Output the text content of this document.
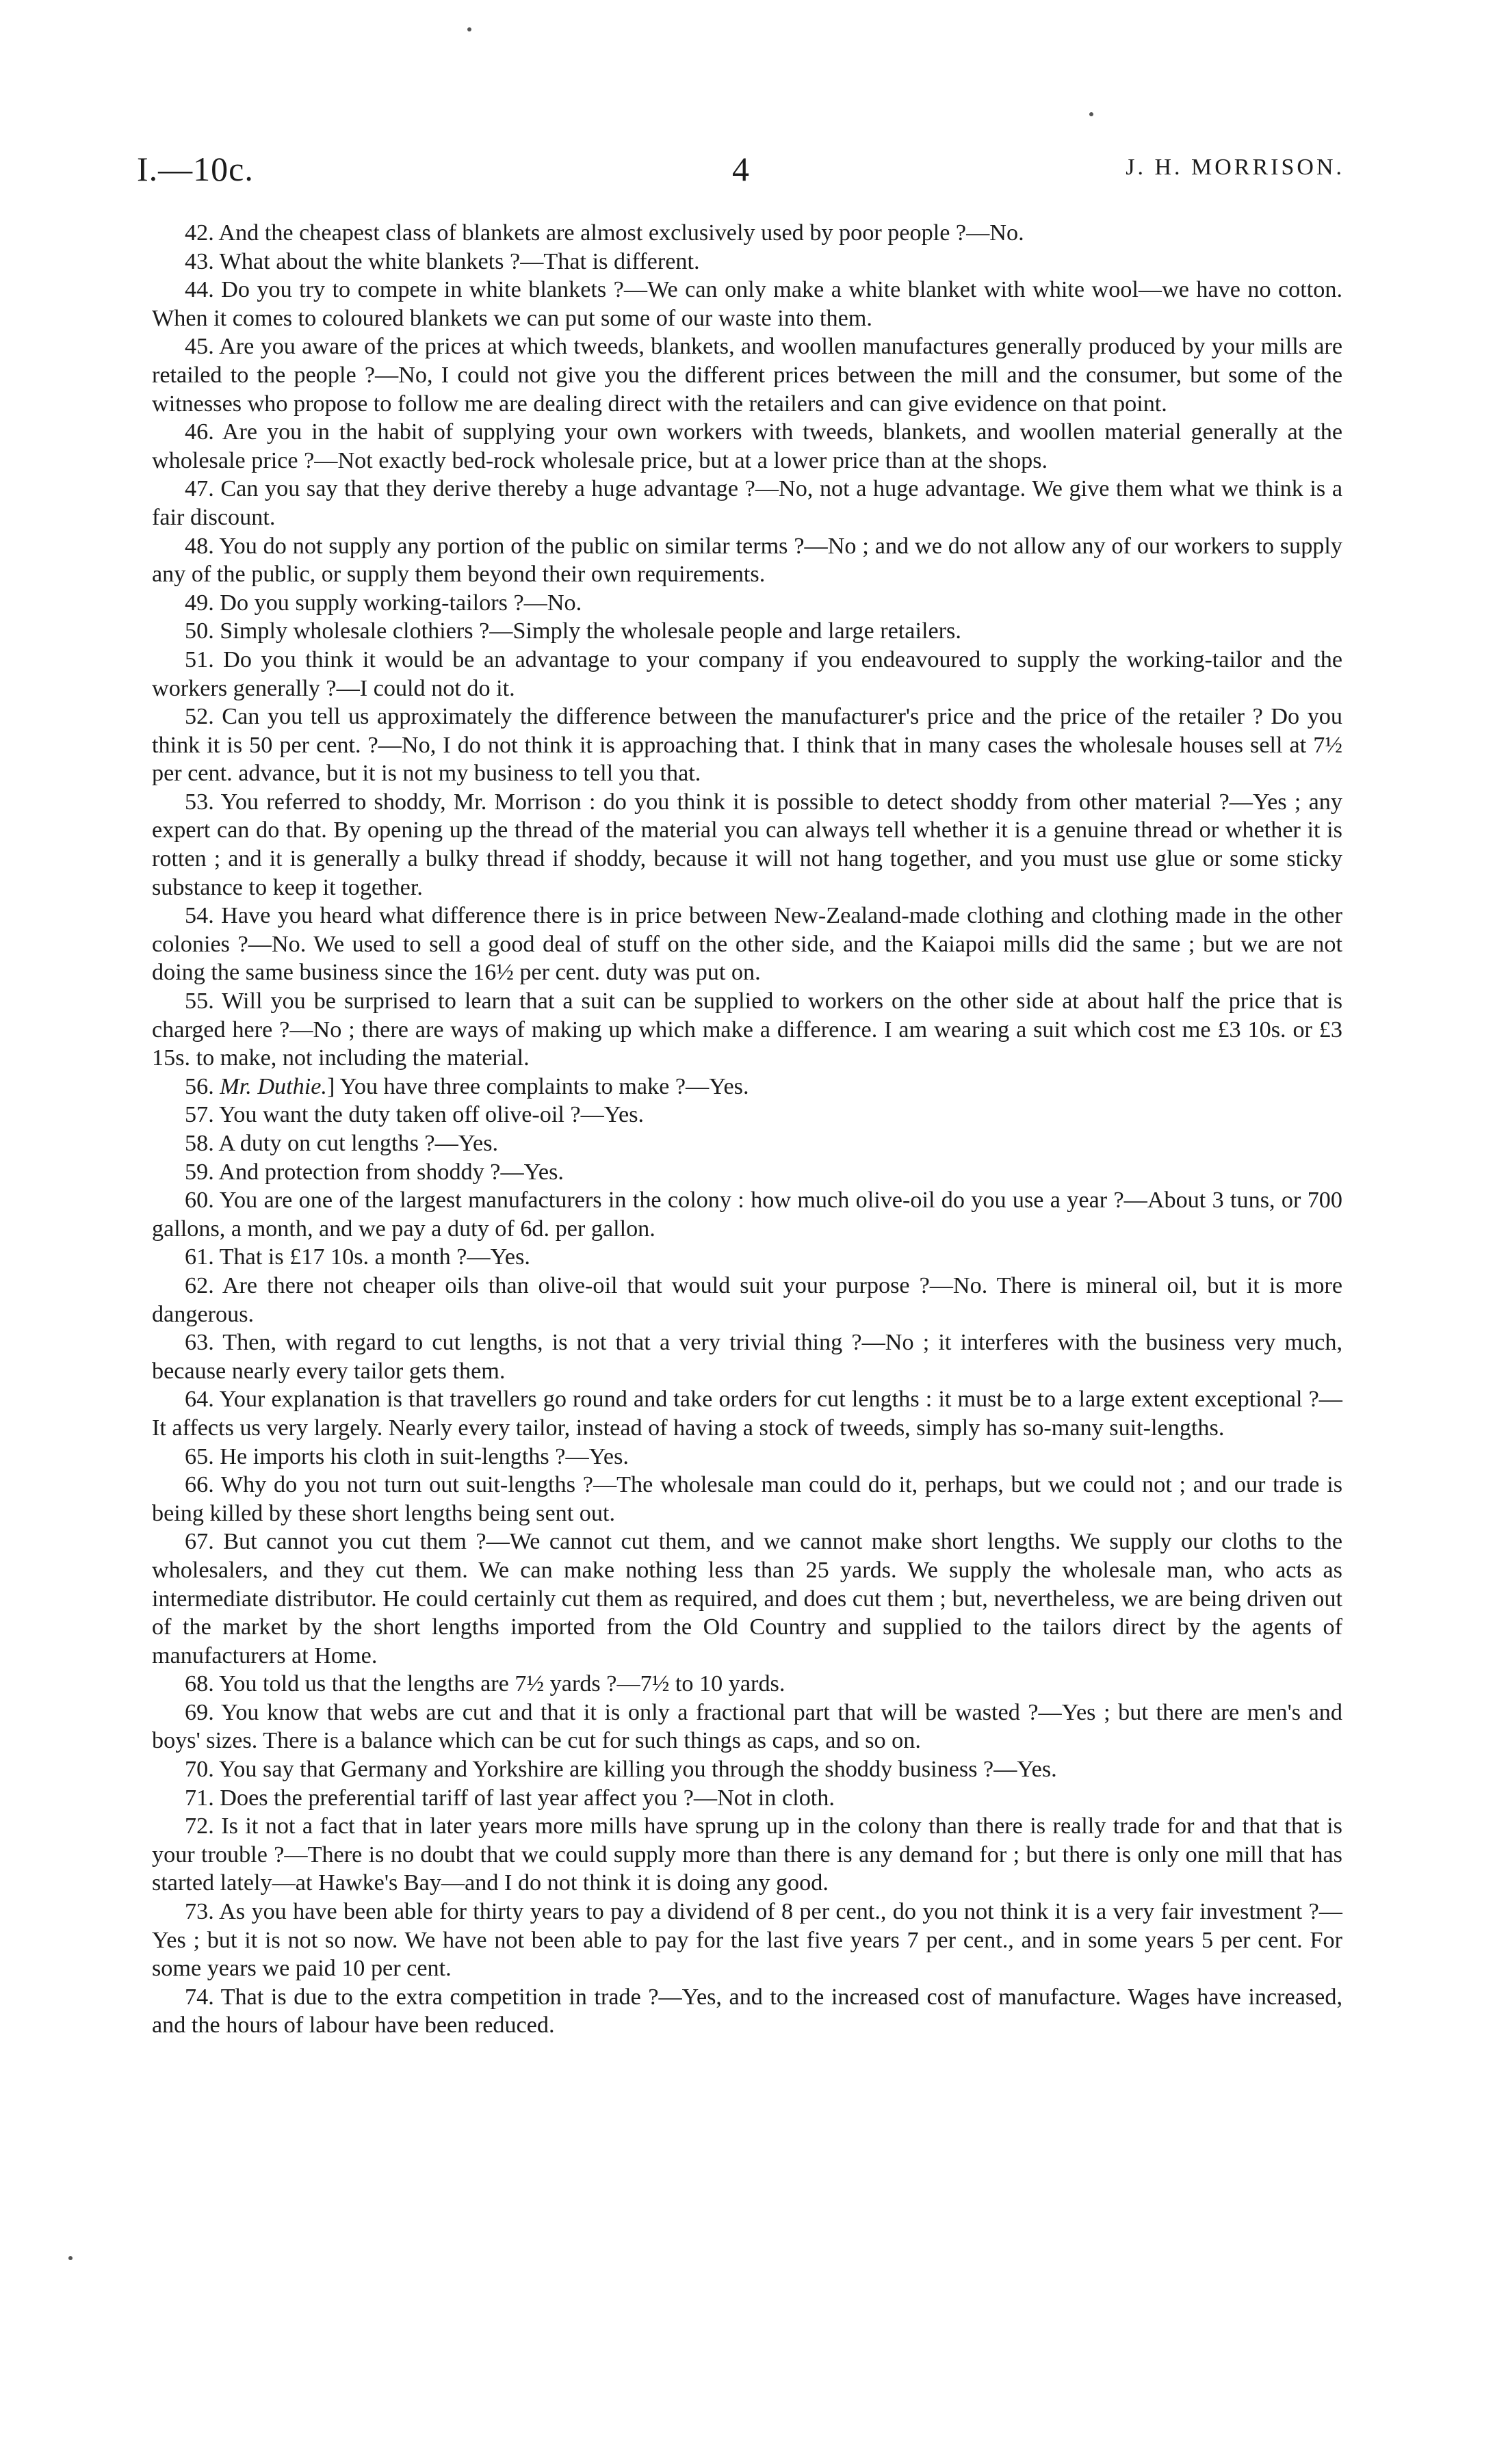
I.—10c.	4	J. H. MORRISON.

42. And the cheapest class of blankets are almost exclusively used by poor people ?—No.

43. What about the white blankets ?—That is different.

44. Do you try to compete in white blankets ?—We can only make a white blanket with white wool—we have no cotton. When it comes to coloured blankets we can put some of our waste into them.

45. Are you aware of the prices at which tweeds, blankets, and woollen manufactures generally produced by your mills are retailed to the people ?—No, I could not give you the different prices between the mill and the consumer, but some of the witnesses who propose to follow me are dealing direct with the retailers and can give evidence on that point.

46. Are you in the habit of supplying your own workers with tweeds, blankets, and woollen material generally at the wholesale price ?—Not exactly bed-rock wholesale price, but at a lower price than at the shops.

47. Can you say that they derive thereby a huge advantage ?—No, not a huge advantage. We give them what we think is a fair discount.

48. You do not supply any portion of the public on similar terms ?—No ; and we do not allow any of our workers to supply any of the public, or supply them beyond their own requirements.

49. Do you supply working-tailors ?—No.

50. Simply wholesale clothiers ?—Simply the wholesale people and large retailers.

51. Do you think it would be an advantage to your company if you endeavoured to supply the working-tailor and the workers generally ?—I could not do it.

52. Can you tell us approximately the difference between the manufacturer's price and the price of the retailer ? Do you think it is 50 per cent. ?—No, I do not think it is approaching that. I think that in many cases the wholesale houses sell at 7½ per cent. advance, but it is not my business to tell you that.

53. You referred to shoddy, Mr. Morrison : do you think it is possible to detect shoddy from other material ?—Yes ; any expert can do that. By opening up the thread of the material you can always tell whether it is a genuine thread or whether it is rotten ; and it is generally a bulky thread if shoddy, because it will not hang together, and you must use glue or some sticky substance to keep it together.

54. Have you heard what difference there is in price between New-Zealand-made clothing and clothing made in the other colonies ?—No. We used to sell a good deal of stuff on the other side, and the Kaiapoi mills did the same ; but we are not doing the same business since the 16½ per cent. duty was put on.

55. Will you be surprised to learn that a suit can be supplied to workers on the other side at about half the price that is charged here ?—No ; there are ways of making up which make a difference. I am wearing a suit which cost me £3 10s. or £3 15s. to make, not including the material.

56. Mr. Duthie.] You have three complaints to make ?—Yes.

57. You want the duty taken off olive-oil ?—Yes.

58. A duty on cut lengths ?—Yes.

59. And protection from shoddy ?—Yes.

60. You are one of the largest manufacturers in the colony : how much olive-oil do you use a year ?—About 3 tuns, or 700 gallons, a month, and we pay a duty of 6d. per gallon.

61. That is £17 10s. a month ?—Yes.

62. Are there not cheaper oils than olive-oil that would suit your purpose ?—No. There is mineral oil, but it is more dangerous.

63. Then, with regard to cut lengths, is not that a very trivial thing ?—No ; it interferes with the business very much, because nearly every tailor gets them.

64. Your explanation is that travellers go round and take orders for cut lengths : it must be to a large extent exceptional ?—It affects us very largely. Nearly every tailor, instead of having a stock of tweeds, simply has so-many suit-lengths.

65. He imports his cloth in suit-lengths ?—Yes.

66. Why do you not turn out suit-lengths ?—The wholesale man could do it, perhaps, but we could not ; and our trade is being killed by these short lengths being sent out.

67. But cannot you cut them ?—We cannot cut them, and we cannot make short lengths. We supply our cloths to the wholesalers, and they cut them. We can make nothing less than 25 yards. We supply the wholesale man, who acts as intermediate distributor. He could certainly cut them as required, and does cut them ; but, nevertheless, we are being driven out of the market by the short lengths imported from the Old Country and supplied to the tailors direct by the agents of manufacturers at Home.

68. You told us that the lengths are 7½ yards ?—7½ to 10 yards.

69. You know that webs are cut and that it is only a fractional part that will be wasted ?—Yes ; but there are men's and boys' sizes. There is a balance which can be cut for such things as caps, and so on.

70. You say that Germany and Yorkshire are killing you through the shoddy business ?—Yes.

71. Does the preferential tariff of last year affect you ?—Not in cloth.

72. Is it not a fact that in later years more mills have sprung up in the colony than there is really trade for and that that is your trouble ?—There is no doubt that we could supply more than there is any demand for ; but there is only one mill that has started lately—at Hawke's Bay—and I do not think it is doing any good.

73. As you have been able for thirty years to pay a dividend of 8 per cent., do you not think it is a very fair investment ?—Yes ; but it is not so now. We have not been able to pay for the last five years 7 per cent., and in some years 5 per cent. For some years we paid 10 per cent.

74. That is due to the extra competition in trade ?—Yes, and to the increased cost of manufacture. Wages have increased, and the hours of labour have been reduced.
